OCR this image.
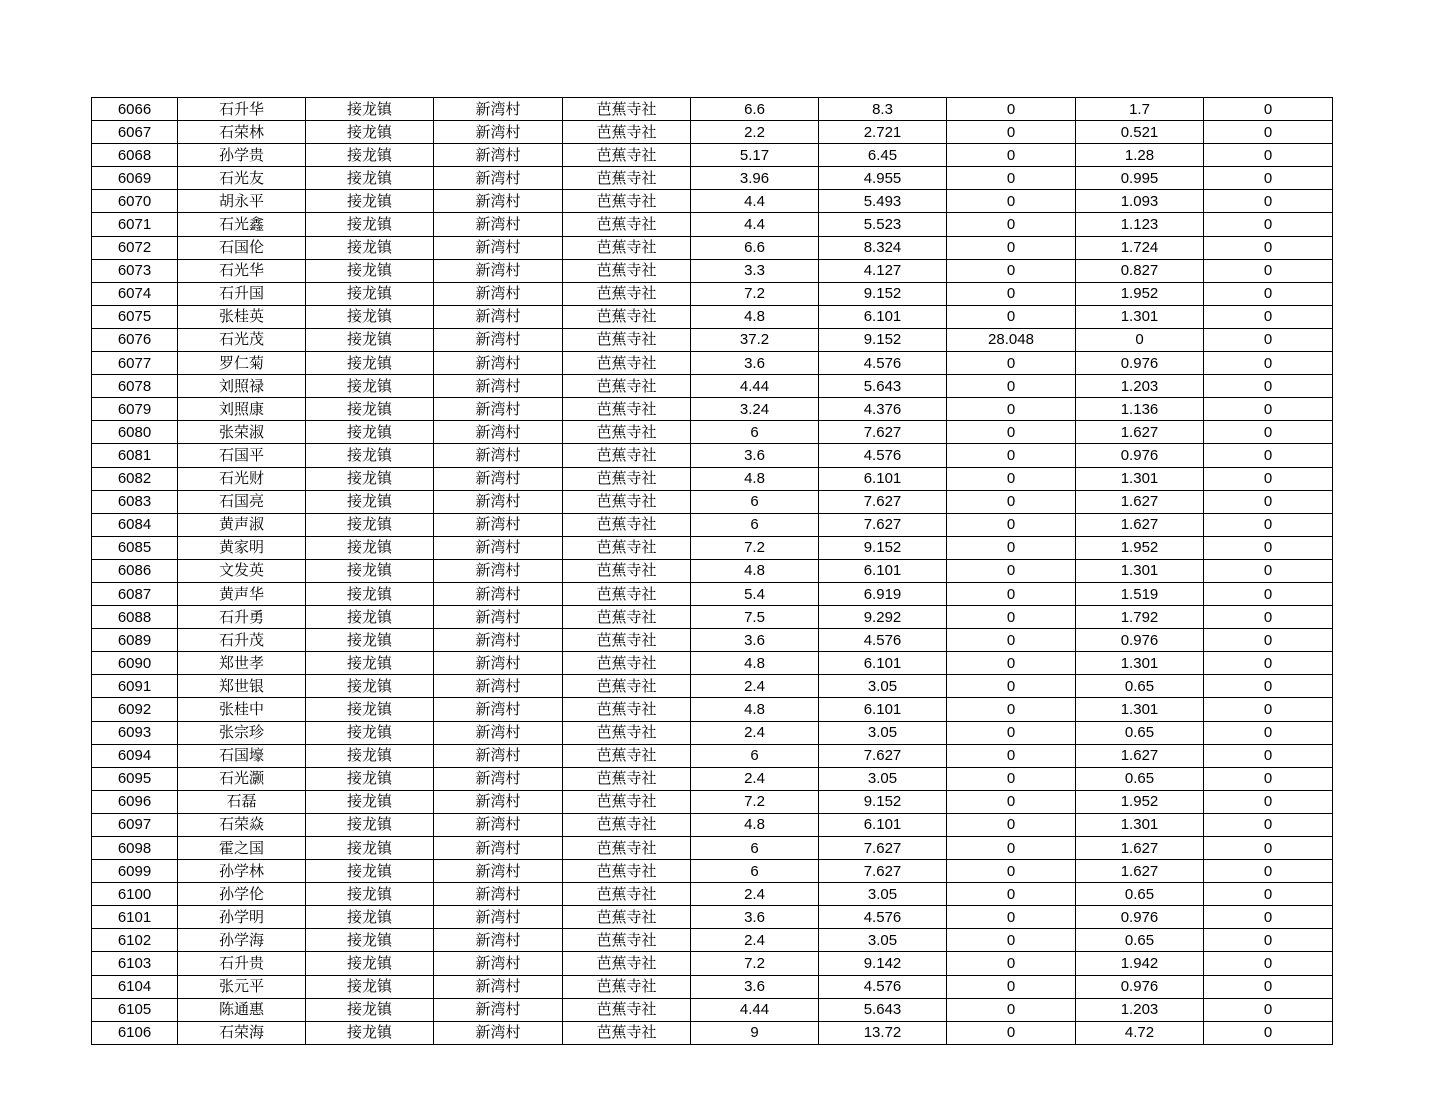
6066	石升华	接龙镇	新湾村	芭蕉寺社	6.6	8.3	0	1.7	0
6067	石荣林	接龙镇	新湾村	芭蕉寺社	2.2	2.721	0	0.521	0
6068	孙学贵	接龙镇	新湾村	芭蕉寺社	5.17	6.45	0	1.28	0
6069	石光友	接龙镇	新湾村	芭蕉寺社	3.96	4.955	0	0.995	0
6070	胡永平	接龙镇	新湾村	芭蕉寺社	4.4	5.493	0	1.093	0
6071	石光鑫	接龙镇	新湾村	芭蕉寺社	4.4	5.523	0	1.123	0
6072	石国伦	接龙镇	新湾村	芭蕉寺社	6.6	8.324	0	1.724	0
6073	石光华	接龙镇	新湾村	芭蕉寺社	3.3	4.127	0	0.827	0
6074	石升国	接龙镇	新湾村	芭蕉寺社	7.2	9.152	0	1.952	0
6075	张桂英	接龙镇	新湾村	芭蕉寺社	4.8	6.101	0	1.301	0
6076	石光茂	接龙镇	新湾村	芭蕉寺社	37.2	9.152	28.048	0	0
6077	罗仁菊	接龙镇	新湾村	芭蕉寺社	3.6	4.576	0	0.976	0
6078	刘照禄	接龙镇	新湾村	芭蕉寺社	4.44	5.643	0	1.203	0
6079	刘照康	接龙镇	新湾村	芭蕉寺社	3.24	4.376	0	1.136	0
6080	张荣淑	接龙镇	新湾村	芭蕉寺社	6	7.627	0	1.627	0
6081	石国平	接龙镇	新湾村	芭蕉寺社	3.6	4.576	0	0.976	0
6082	石光财	接龙镇	新湾村	芭蕉寺社	4.8	6.101	0	1.301	0
6083	石国亮	接龙镇	新湾村	芭蕉寺社	6	7.627	0	1.627	0
6084	黄声淑	接龙镇	新湾村	芭蕉寺社	6	7.627	0	1.627	0
6085	黄家明	接龙镇	新湾村	芭蕉寺社	7.2	9.152	0	1.952	0
6086	文发英	接龙镇	新湾村	芭蕉寺社	4.8	6.101	0	1.301	0
6087	黄声华	接龙镇	新湾村	芭蕉寺社	5.4	6.919	0	1.519	0
6088	石升勇	接龙镇	新湾村	芭蕉寺社	7.5	9.292	0	1.792	0
6089	石升茂	接龙镇	新湾村	芭蕉寺社	3.6	4.576	0	0.976	0
6090	郑世孝	接龙镇	新湾村	芭蕉寺社	4.8	6.101	0	1.301	0
6091	郑世银	接龙镇	新湾村	芭蕉寺社	2.4	3.05	0	0.65	0
6092	张桂中	接龙镇	新湾村	芭蕉寺社	4.8	6.101	0	1.301	0
6093	张宗珍	接龙镇	新湾村	芭蕉寺社	2.4	3.05	0	0.65	0
6094	石国壕	接龙镇	新湾村	芭蕉寺社	6	7.627	0	1.627	0
6095	石光灏	接龙镇	新湾村	芭蕉寺社	2.4	3.05	0	0.65	0
6096	石磊	接龙镇	新湾村	芭蕉寺社	7.2	9.152	0	1.952	0
6097	石荣焱	接龙镇	新湾村	芭蕉寺社	4.8	6.101	0	1.301	0
6098	霍之国	接龙镇	新湾村	芭蕉寺社	6	7.627	0	1.627	0
6099	孙学林	接龙镇	新湾村	芭蕉寺社	6	7.627	0	1.627	0
6100	孙学伦	接龙镇	新湾村	芭蕉寺社	2.4	3.05	0	0.65	0
6101	孙学明	接龙镇	新湾村	芭蕉寺社	3.6	4.576	0	0.976	0
6102	孙学海	接龙镇	新湾村	芭蕉寺社	2.4	3.05	0	0.65	0
6103	石升贵	接龙镇	新湾村	芭蕉寺社	7.2	9.142	0	1.942	0
6104	张元平	接龙镇	新湾村	芭蕉寺社	3.6	4.576	0	0.976	0
6105	陈通惠	接龙镇	新湾村	芭蕉寺社	4.44	5.643	0	1.203	0
6106	石荣海	接龙镇	新湾村	芭蕉寺社	9	13.72	0	4.72	0
